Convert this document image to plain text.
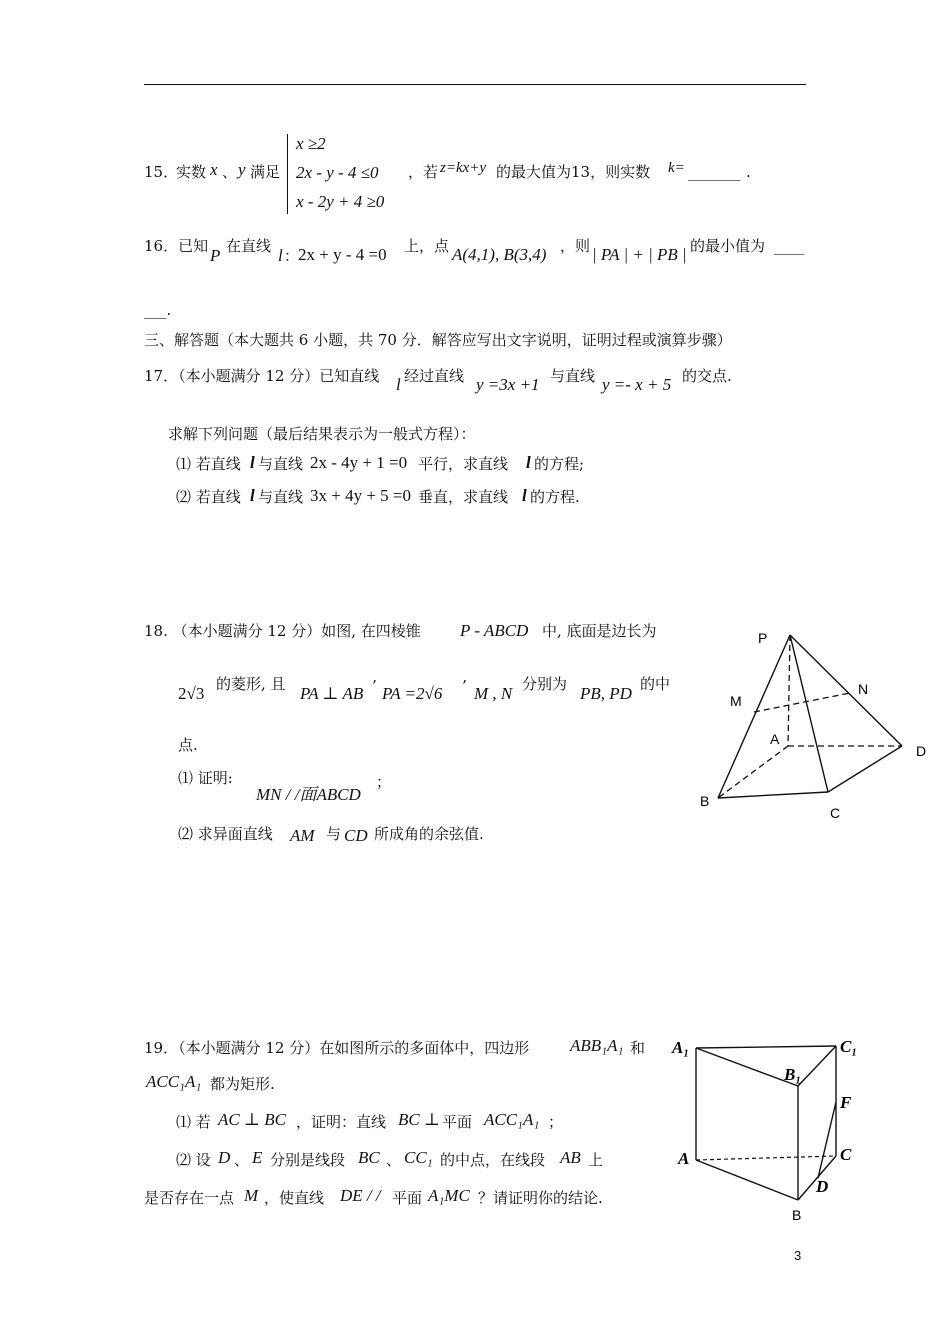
15．
实数 x 、 y 满足
x ≥2
2x - y - 4 ≤0
x - 2y + 4 ≥0
，若 z=kx+y 的最大值为13，则实数 k= _______ .
16．已知 P 在直线 l ：
2x + y - 4 =0 上，点 A(4,1), B(3,4) ，则 | PA | + | PB | 的最小值为 ____
___.
三、解答题（本大题共 6 小题，共 70 分．解答应写出文字说明，证明过程或演算步骤）
17．（本小题满分 12 分）已知直线 l 经过直线 y =3x +1 与直线 y =- x + 5 的交点.
求解下列问题（最后结果表示为一般式方程）：
⑴ 若直线 l 与直线 2x - 4y + 1 =0 平行，求直线 l 的方程;
⑵ 若直线 l 与直线 3x + 4y + 5 =0 垂直，求直线 l 的方程.
18. （本小题满分 12 分）如图, 在四棱锥 P - ABCD 中, 底面是边长为
2√3 的菱形, 且 PA ⊥ AB ’ PA =2√6 ’ M , N 分别为 PB, PD 的中
点.
⑴ 证明:
MN / /面ABCD
；
⑵ 求异面直线 AM 与 CD 所成角的余弦值.
P
M
N
A
D
B
C
19．（本小题满分 12 分）在如图所示的多面体中，四边形 ABB₁A₁ 和
ACC₁A₁ 都为矩形.
⑴ 若 AC ⊥ BC ，证明：直线 BC ⊥ 平面 ACC₁A₁ ；
⑵ 设 D 、 E 分别是线段 BC 、 CC₁ 的中点，在线段 AB 上
是否存在一点 M ，使直线 DE / / 平面 A₁MC ？请证明你的结论.
A₁	C₁
B₁
F
A	C
D
B
3
